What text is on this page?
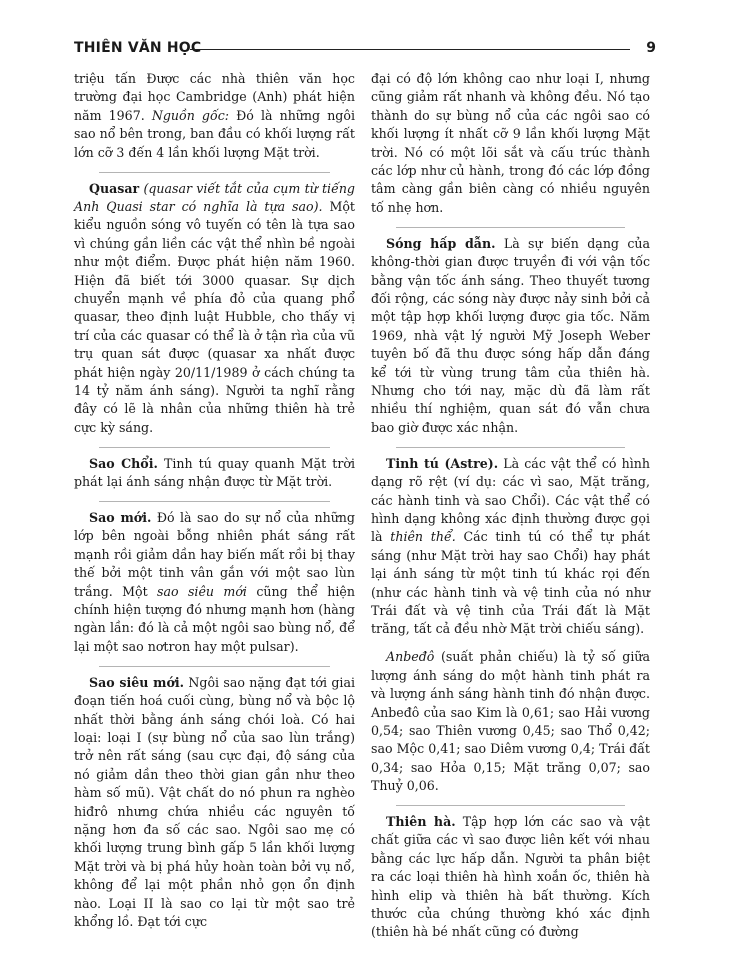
THIÊN VĂN HỌC	9

triệu tấn Được các nhà thiên văn học trường đại học Cambridge (Anh) phát hiện năm 1967. Nguồn gốc: Đó là những ngôi sao nổ bên trong, ban đầu có khối lượng rất lớn cỡ 3 đến 4 lần khối lượng Mặt trời.

Quasar (quasar viết tắt của cụm từ tiếng Anh Quasi star có nghĩa là tựa sao). Một kiểu nguồn sóng vô tuyến có tên là tựa sao vì chúng gần liền các vật thể nhìn bề ngoài như một điểm. Được phát hiện năm 1960. Hiện đã biết tới 3000 quasar. Sự dịch chuyển mạnh về phía đỏ của quang phổ quasar, theo định luật Hubble, cho thấy vị trí của các quasar có thể là ở tận rìa của vũ trụ quan sát được (quasar xa nhất được phát hiện ngày 20/11/1989 ở cách chúng ta 14 tỷ năm ánh sáng). Người ta nghĩ rằng đây có lẽ là nhân của những thiên hà trẻ cực kỳ sáng.

Sao Chổi. Tinh tú quay quanh Mặt trời phát lại ánh sáng nhận được từ Mặt trời.

Sao mới. Đó là sao do sự nổ của những lớp bên ngoài bỗng nhiên phát sáng rất mạnh rồi giảm dần hay biến mất rồi bị thay thế bởi một tinh vân gắn với một sao lùn trắng. Một sao siêu mới cũng thể hiện chính hiện tượng đó nhưng mạnh hơn (hàng ngàn lần: đó là cả một ngôi sao bùng nổ, để lại một sao nơtron hay một pulsar).

Sao siêu mới. Ngôi sao nặng đạt tới giai đoạn tiến hoá cuối cùng, bùng nổ và bộc lộ nhất thời bằng ánh sáng chói loà. Có hai loại: loại I (sự bùng nổ của sao lùn trắng) trở nên rất sáng (sau cực đại, độ sáng của nó giảm dần theo thời gian gần như theo hàm số mũ). Vật chất do nó phun ra nghèo hiđrô nhưng chứa nhiều các nguyên tố nặng hơn đa số các sao. Ngôi sao mẹ có khối lượng trung bình gấp 5 lần khối lượng Mặt trời và bị phá hủy hoàn toàn bởi vụ nổ, không để lại một phần nhỏ gọn ổn định nào. Loại II là sao co lại từ một sao trẻ khổng lồ. Đạt tới cực

đại có độ lớn không cao như loại I, nhưng cũng giảm rất nhanh và không đều. Nó tạo thành do sự bùng nổ của các ngôi sao có khối lượng ít nhất cỡ 9 lần khối lượng Mặt trời. Nó có một lõi sắt và cấu trúc thành các lớp như củ hành, trong đó các lớp đồng tâm càng gần biên càng có nhiều nguyên tố nhẹ hơn.

Sóng hấp dẫn. Là sự biến dạng của không-thời gian được truyền đi với vận tốc bằng vận tốc ánh sáng. Theo thuyết tương đối rộng, các sóng này được nảy sinh bởi cả một tập hợp khối lượng được gia tốc. Năm 1969, nhà vật lý người Mỹ Joseph Weber tuyên bố đã thu được sóng hấp dẫn đáng kể tới từ vùng trung tâm của thiên hà. Nhưng cho tới nay, mặc dù đã làm rất nhiều thí nghiệm, quan sát đó vẫn chưa bao giờ được xác nhận.

Tinh tú (Astre). Là các vật thể có hình dạng rõ rệt (ví dụ: các vì sao, Mặt trăng, các hành tinh và sao Chổi). Các vật thể có hình dạng không xác định thường được gọi là thiên thể. Các tinh tú có thể tự phát sáng (như Mặt trời hay sao Chổi) hay phát lại ánh sáng từ một tinh tú khác rọi đến (như các hành tinh và vệ tinh của nó như Trái đất và vệ tinh của Trái đất là Mặt trăng, tất cả đều nhờ Mặt trời chiếu sáng).

Anbeđô (suất phản chiếu) là tỷ số giữa lượng ánh sáng do một hành tinh phát ra và lượng ánh sáng hành tinh đó nhận được. Anbeđô của sao Kim là 0,61; sao Hải vương 0,54; sao Thiên vương 0,45; sao Thổ 0,42; sao Mộc 0,41; sao Diêm vương 0,4; Trái đất 0,34; sao Hỏa 0,15; Mặt trăng 0,07; sao Thuỷ 0,06.

Thiên hà. Tập hợp lớn các sao và vật chất giữa các vì sao được liên kết với nhau bằng các lực hấp dẫn. Người ta phân biệt ra các loại thiên hà hình xoắn ốc, thiên hà hình elip và thiên hà bất thường. Kích thước của chúng thường khó xác định (thiên hà bé nhất cũng có đường
